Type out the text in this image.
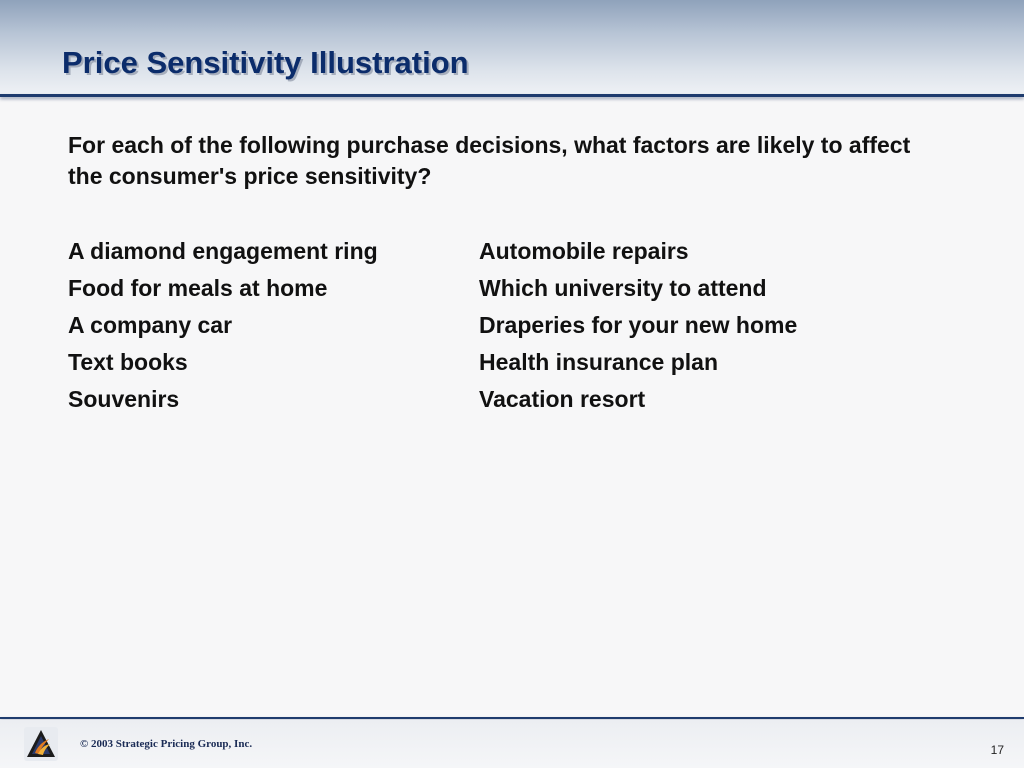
Price Sensitivity Illustration

For each of the following purchase decisions, what factors are likely to affect the consumer's price sensitivity?

A diamond engagement ring
Food for meals at home
A company car
Text books
Souvenirs
Automobile repairs
Which university to attend
Draperies for your new home
Health insurance plan
Vacation resort
© 2003 Strategic Pricing Group, Inc.	17
